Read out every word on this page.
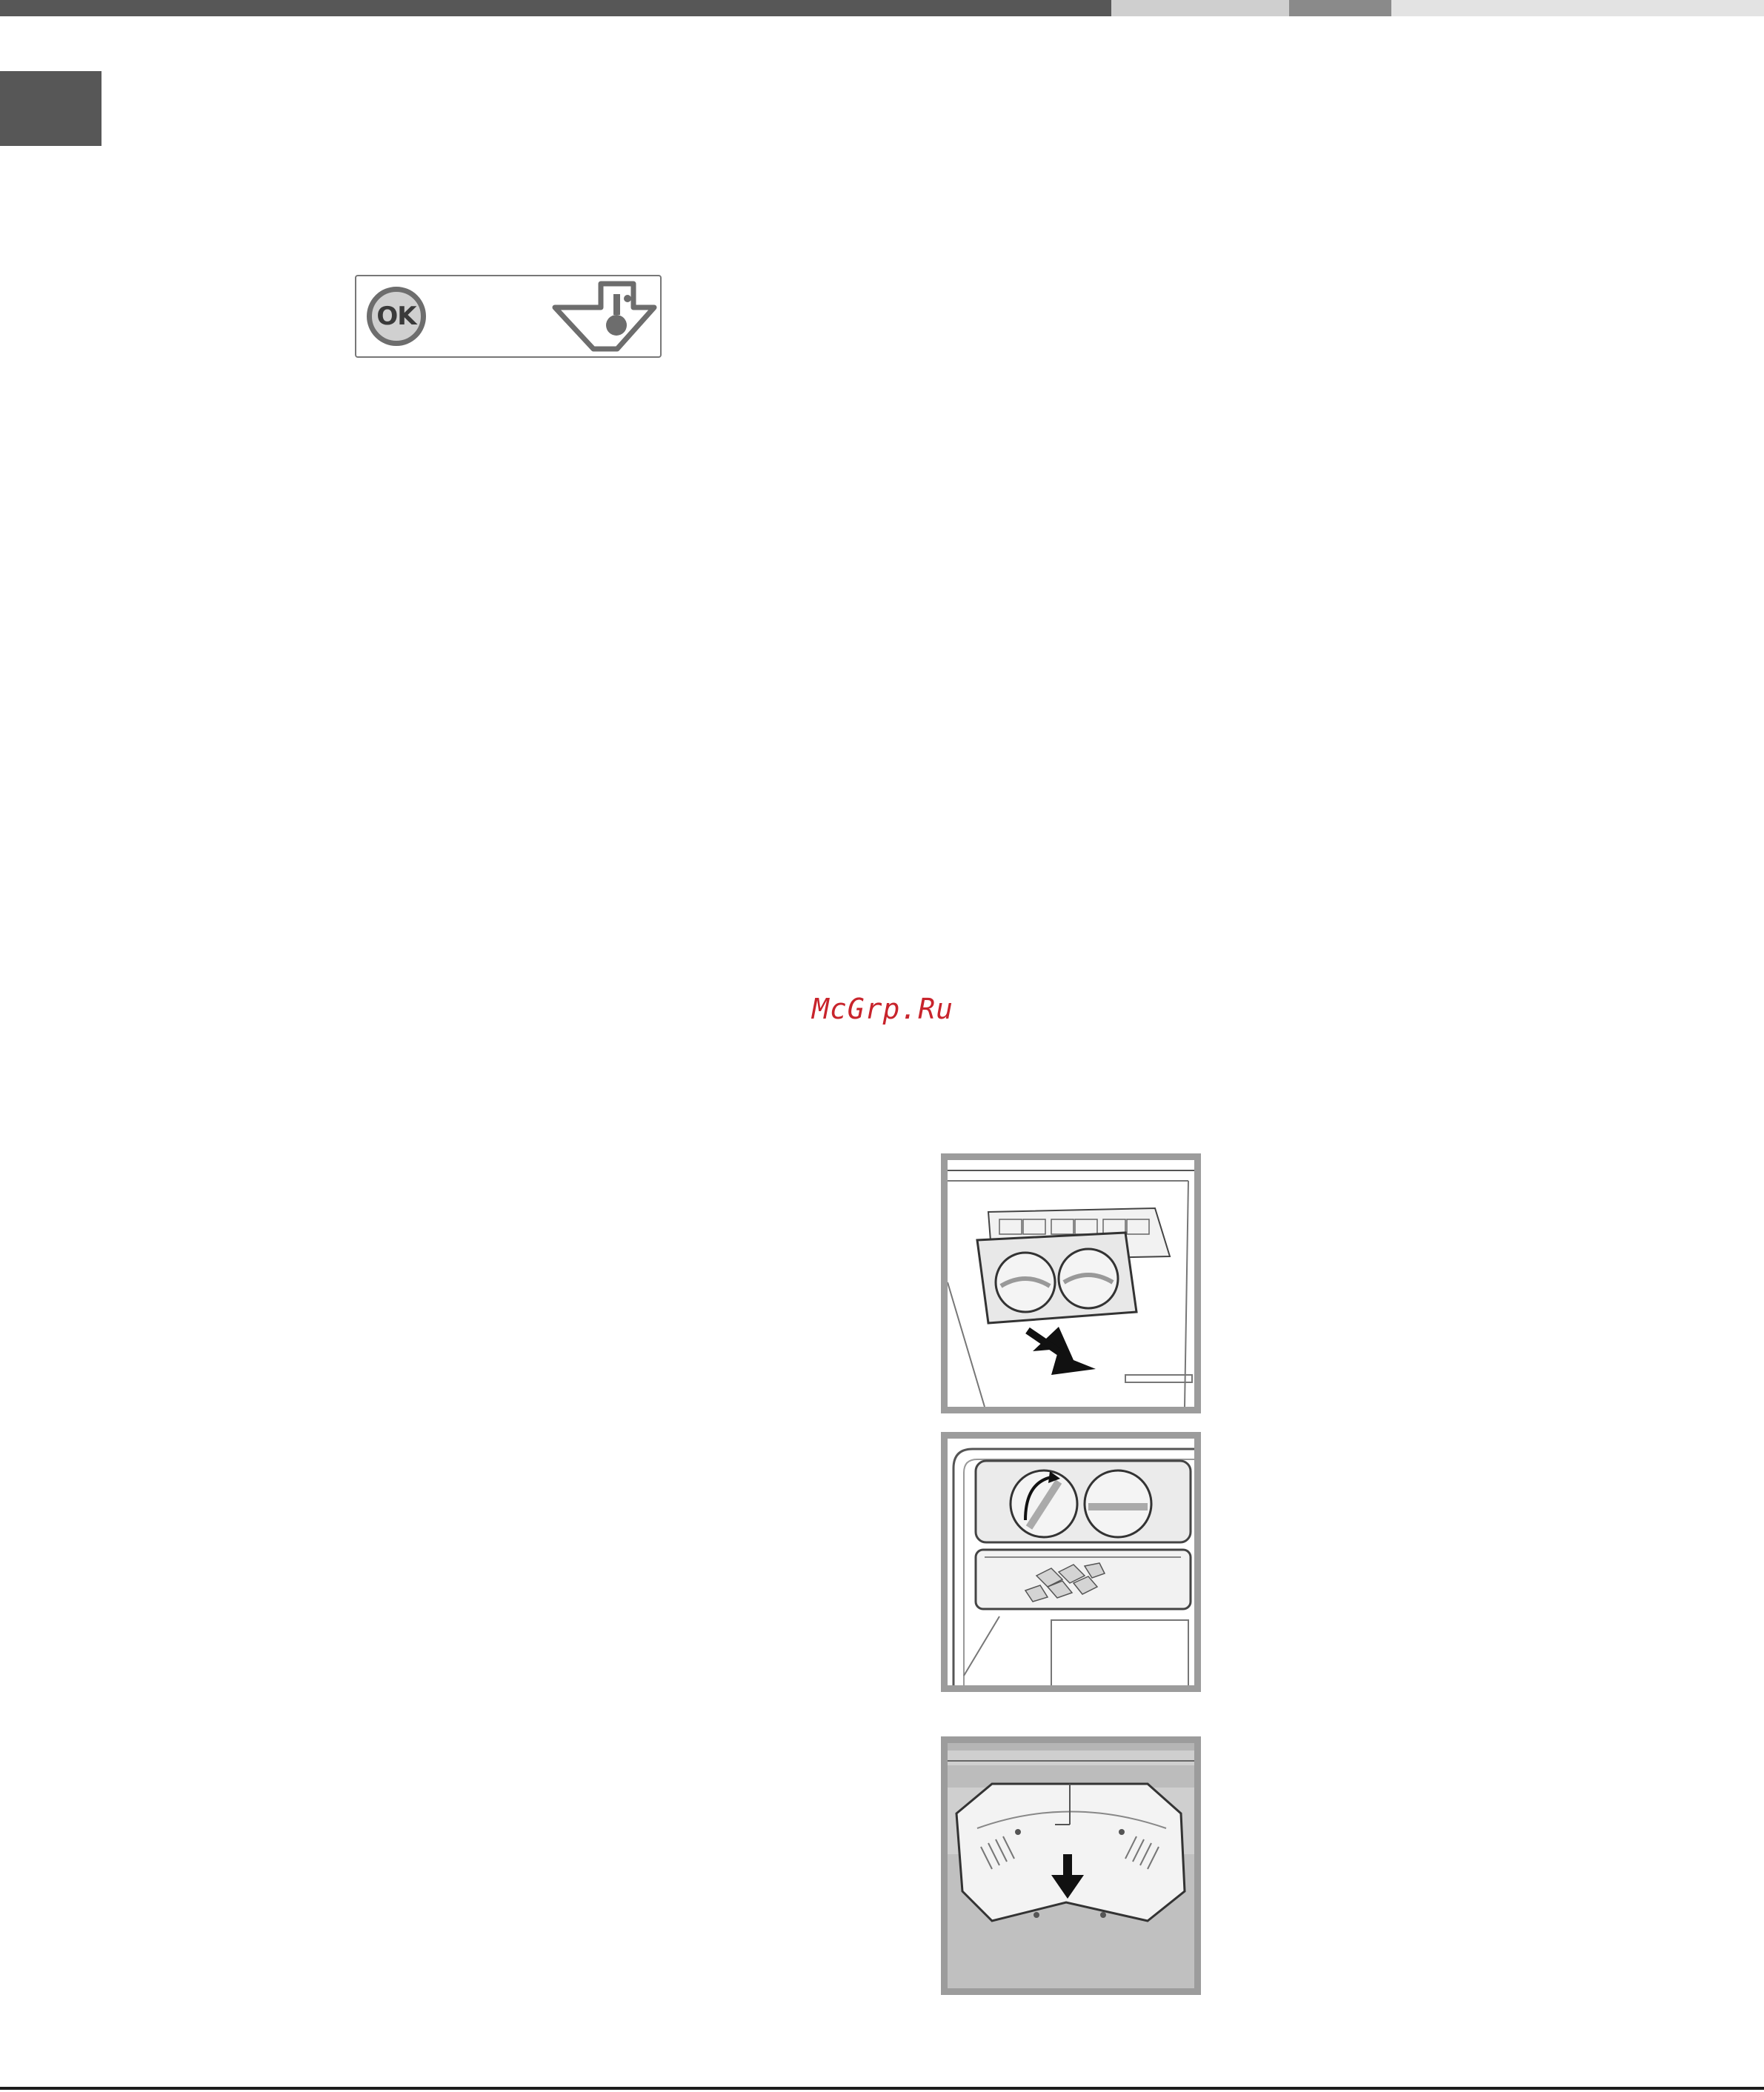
OK
McGrp.Ru
